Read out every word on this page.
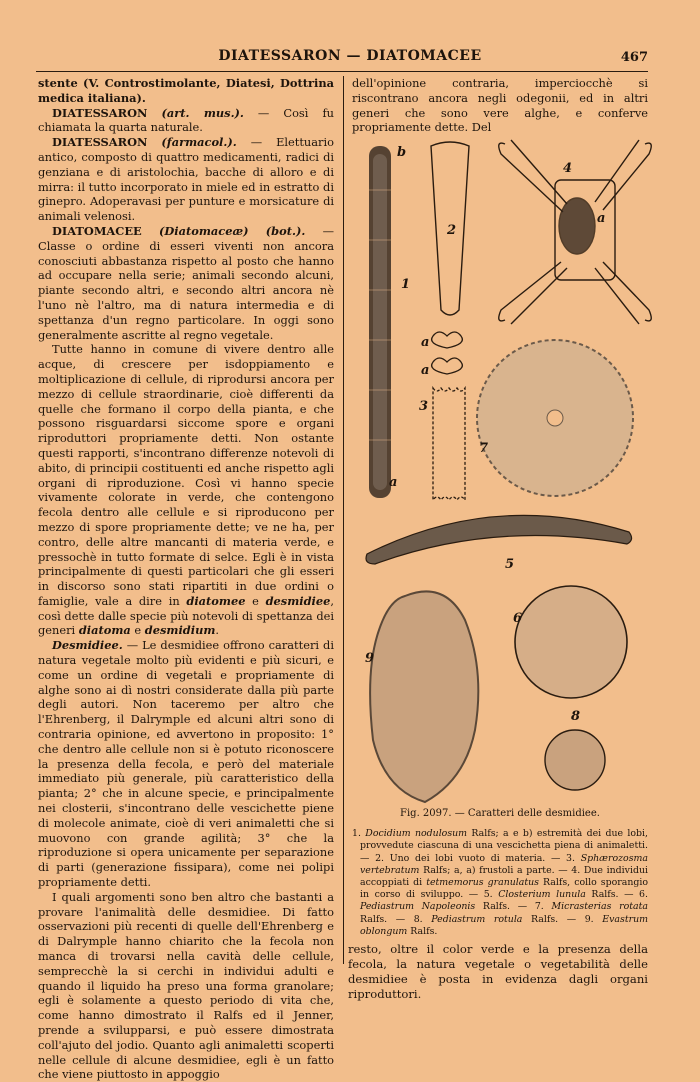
DIATESSARON — DIATOMACEE	467

stente (V. Controstimolante, Diatesi, Dottrina medica italiana).

DIATESSARON (art. mus.). — Così fu chiamata la quarta naturale.

DIATESSARON (farmacol.). — Elettuario antico, composto di quattro medicamenti, radici di genziana e di aristolochia, bacche di alloro e di mirra: il tutto incorporato in miele ed in estratto di ginepro. Adoperavasi per punture e morsicature di animali velenosi.

DIATOMACEE (Diatomaceæ) (bot.). — Classe o ordine di esseri viventi non ancora conosciuti abbastanza rispetto al posto che hanno ad occupare nella serie; animali secondo alcuni, piante secondo altri, e secondo altri ancora nè l'uno nè l'altro, ma di natura intermedia e di spettanza d'un regno particolare. In oggi sono generalmente ascritte al regno vegetale.

Tutte hanno in comune di vivere dentro alle acque, di crescere per isdoppiamento e moltiplicazione di cellule, di riprodursi ancora per mezzo di cellule straordinarie, cioè differenti da quelle che formano il corpo della pianta, e che possono risguardarsi siccome spore e organi riproduttori propriamente detti. Non ostante questi rapporti, s'incontrano differenze notevoli di abito, di principii costituenti ed anche rispetto agli organi di riproduzione. Così vi hanno specie vivamente colorate in verde, che contengono fecola dentro alle cellule e si riproducono per mezzo di spore propriamente dette; ve ne ha, per contro, delle altre mancanti di materia verde, e pressochè in tutto formate di selce. Egli è in vista principalmente di questi particolari che gli esseri in discorso sono stati ripartiti in due ordini o famiglie, vale a dire in diatomee e desmidiee, così dette dalle specie più notevoli di spettanza dei generi diatoma e desmidium.

Desmidiee. — Le desmidiee offrono caratteri di natura vegetale molto più evidenti e più sicuri, e come un ordine di vegetali e propriamente di alghe sono ai dì nostri considerate dalla più parte degli autori. Non taceremo per altro che l'Ehrenberg, il Dalrymple ed alcuni altri sono di contraria opinione, ed avvertono in proposito: 1° che dentro alle cellule non si è potuto riconoscere la presenza della fecola, e però del materiale immediato più generale, più caratteristico della pianta; 2° che in alcune specie, e principalmente nei closterii, s'incontrano delle vescichette piene di molecole animate, cioè di veri animaletti che si muovono con grande agilità; 3° che la riproduzione si opera unicamente per separazione di parti (generazione fissipara), come nei polipi propriamente detti.

I quali argomenti sono ben altro che bastanti a provare l'animalità delle desmidiee. Di fatto osservazioni più recenti di quelle dell'Ehrenberg e di Dalrymple hanno chiarito che la fecola non manca di trovarsi nella cavità delle cellule, semprecchè la si cerchi in individui adulti e quando il liquido ha preso una forma granolare; egli è solamente a questo periodo di vita che, come hanno dimostrato il Ralfs ed il Jenner, prende a svilupparsi, e può essere dimostrata coll'ajuto del jodio. Quanto agli animaletti scoperti nelle cellule di alcune desmidiee, egli è un fatto che viene piuttosto in appoggio

dell'opinione contraria, imperciocchè si riscontrano ancora negli odegonii, ed in altri generi che sono vere alghe, e conferve propriamente dette. Del

b
1
a
2
4
a
a
a
3
7
5
6
9
8
Fig. 2097. — Caratteri delle desmidiee.

1. Docidium nodulosum Ralfs; a e b) estremità dei due lobi, provvedute ciascuna di una vescichetta piena di animaletti. — 2. Uno dei lobi vuoto di materia. — 3. Sphærozosma vertebratum Ralfs; a, a) frustoli a parte. — 4. Due individui accoppiati di tetmemorus granulatus Ralfs, collo sporangio in corso di sviluppo. — 5. Closterium lunula Ralfs. — 6. Pediastrum Napoleonis Ralfs. — 7. Micrasterias rotata Ralfs. — 8. Pediastrum rotula Ralfs. — 9. Evastrum oblongum Ralfs.

resto, oltre il color verde e la presenza della fecola, la natura vegetale o vegetabilità delle desmidiee è posta in evidenza dagli organi riproduttori.
